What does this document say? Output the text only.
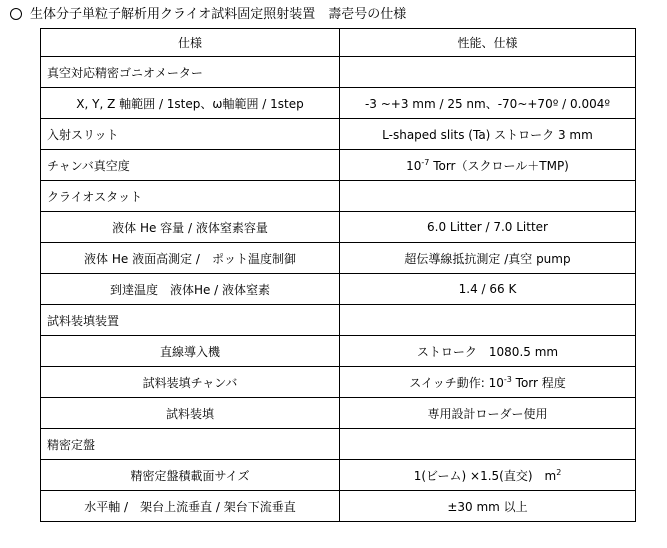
生体分子単粒子解析用クライオ試料固定照射装置　壽壱号の仕様
仕様	性能、仕様
真空対応精密ゴニオメーター	
X, Y, Z 軸範囲 / 1step、ω軸範囲 / 1step	-3 ~+3 mm / 25 nm、-70~+70º / 0.004º
入射スリット	L-shaped slits (Ta) ストローク 3 mm
チャンバ真空度	$10^{-7}$ Torr（スクロール＋TMP)
クライオスタット	
液体 He 容量 / 液体窒素容量	6.0 Litter / 7.0 Litter
液体 He 液面高測定 /　ポット温度制御	超伝導線抵抗測定 /真空 pump
到達温度　液体He / 液体窒素	1.4 / 66 K
試料装填装置	
直線導入機	ストローク　1080.5 mm
試料装填チャンバ	スイッチ動作: $10^{-3}$ Torr 程度
試料装填	専用設計ローダー使用
精密定盤	
精密定盤積載面サイズ	1(ビーム) ×1.5(直交)　$m^2$
水平軸 /　架台上流垂直 / 架台下流垂直	±30 mm 以上
